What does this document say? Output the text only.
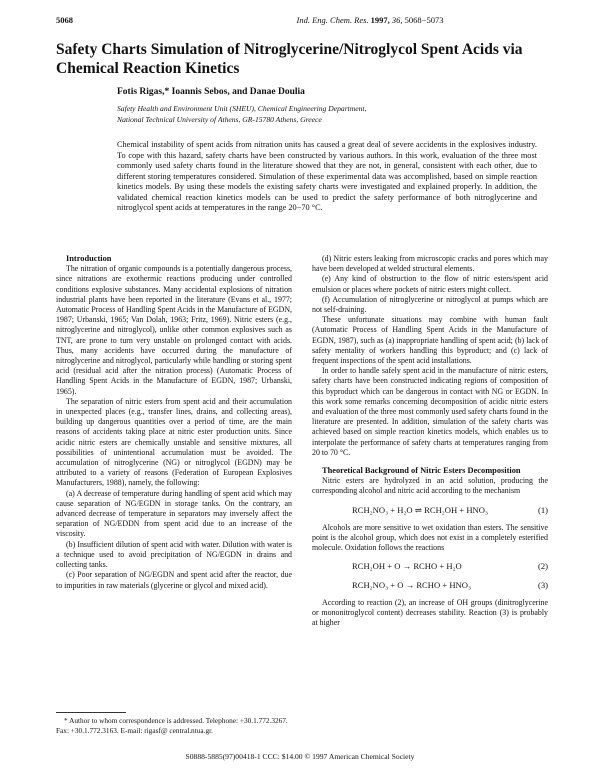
5068	Ind. Eng. Chem. Res. 1997, 36, 5068−5073
Safety Charts Simulation of Nitroglycerine/Nitroglycol Spent Acids via Chemical Reaction Kinetics
Fotis Rigas,* Ioannis Sebos, and Danae Doulia
Safety Health and Environment Unit (SHEU), Chemical Engineering Department,
National Technical University of Athens, GR-15780 Athens, Greece
Chemical instability of spent acids from nitration units has caused a great deal of severe accidents in the explosives industry. To cope with this hazard, safety charts have been constructed by various authors. In this work, evaluation of the three most commonly used safety charts found in the literature showed that they are not, in general, consistent with each other, due to different storing temperatures considered. Simulation of these experimental data was accomplished, based on simple reaction kinetics models. By using these models the existing safety charts were investigated and explained properly. In addition, the validated chemical reaction kinetics models can be used to predict the safety performance of both nitroglycerine and nitroglycol spent acids at temperatures in the range 20−70 °C.

Introduction

The nitration of organic compounds is a potentially dangerous process, since nitrations are exothermic reactions producing under controlled conditions explosive substances. Many accidental explosions of nitration industrial plants have been reported in the literature (Evans et al., 1977; Automatic Process of Handling Spent Acids in the Manufacture of EGDN, 1987; Urbanski, 1965; Van Dolah, 1963; Fritz, 1969). Nitric esters (e.g., nitroglycerine and nitroglycol), unlike other common explosives such as TNT, are prone to turn very unstable on prolonged contact with acids. Thus, many accidents have occurred during the manufacture of nitroglycerine and nitroglycol, particularly while handling or storing spent acid (residual acid after the nitration process) (Automatic Process of Handling Spent Acids in the Manufacture of EGDN, 1987; Urbanski, 1965).

The separation of nitric esters from spent acid and their accumulation in unexpected places (e.g., transfer lines, drains, and collecting areas), building up dangerous quantities over a period of time, are the main reasons of accidents taking place at nitric ester production units. Since acidic nitric esters are chemically unstable and sensitive mixtures, all possibilities of unintentional accumulation must be avoided. The accumulation of nitroglycerine (NG) or nitroglycol (EGDN) may be attributed to a variety of reasons (Federation of European Explosives Manufacturers, 1988), namely, the following:

(a) A decrease of temperature during handling of spent acid which may cause separation of NG/EGDN in storage tanks. On the contrary, an advanced decrease of temperature in separators may inversely affect the separation of NG/EDDN from spent acid due to an increase of the viscosity.

(b) Insufficient dilution of spent acid with water. Dilution with water is a technique used to avoid precipitation of NG/EGDN in drains and collecting tanks.

(c) Poor separation of NG/EGDN and spent acid after the reactor, due to impurities in raw materials (glycerine or glycol and mixed acid).

* Author to whom correspondence is addressed. Telephone: +30.1.772.3267. Fax: +30.1.772.3163. E-mail: rigasf@ central.ntua.gr.

(d) Nitric esters leaking from microscopic cracks and pores which may have been developed at welded structural elements.

(e) Any kind of obstruction to the flow of nitric esters/spent acid emulsion or places where pockets of nitric esters might collect.

(f) Accumulation of nitroglycerine or nitroglycol at pumps which are not self-draining.

These unfortunate situations may combine with human fault (Automatic Process of Handling Spent Acids in the Manufacture of EGDN, 1987), such as (a) inappropriate handling of spent acid; (b) lack of safety mentality of workers handling this byproduct; and (c) lack of frequent inspections of the spent acid installations.

In order to handle safely spent acid in the manufacture of nitric esters, safety charts have been constructed indicating regions of composition of this byproduct which can be dangerous in contact with NG or EGDN. In this work some remarks concerning decomposition of acidic nitric esters and evaluation of the three most commonly used safety charts found in the literature are presented. In addition, simulation of the safety charts was achieved based on simple reaction kinetics models, which enables us to interpolate the performance of safety charts at temperatures ranging from 20 to 70 °C.

Theoretical Background of Nitric Esters Decomposition

Nitric esters are hydrolyzed in an acid solution, producing the corresponding alcohol and nitric acid according to the mechanism

RCH₂NO₃ + H₂O ⇌ RCH₂OH + HNO₃	(1)

Alcohols are more sensitive to wet oxidation than esters. The sensitive point is the alcohol group, which does not exist in a completely esterified molecule. Oxidation follows the reactions

RCH₂OH + O → RCHO + H₂O	(2)
RCH₂NO₃ + O → RCHO + HNO₃	(3)

According to reaction (2), an increase of OH groups (dinitroglycerine or mononitroglycol content) decreases stability. Reaction (3) is probably at higher

S0888-5885(97)00418-1 CCC: $14.00 © 1997 American Chemical Society
